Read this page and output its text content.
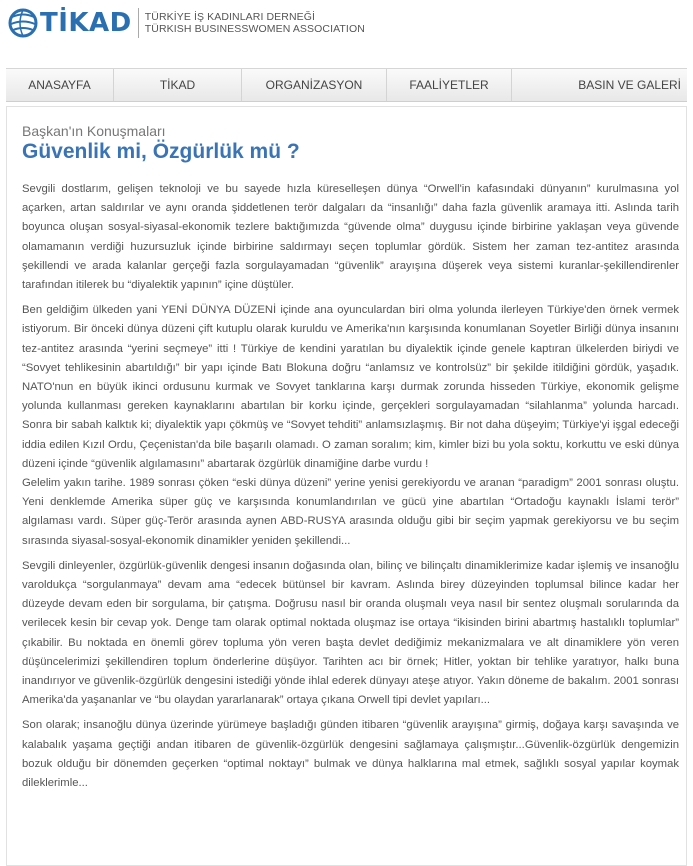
TİKAD TÜRKİYE İŞ KADINLARI DERNEĞİ
TÜRKISH BUSINESSWOMEN ASSOCIATION
ANASAYFA	TİKAD	ORGANİZASYON	FAALİYETLER	BASIN VE GALERİ

Başkan'ın Konuşmaları

Güvenlik mi, Özgürlük mü ?

Sevgili dostlarım, gelişen teknoloji ve bu sayede hızla küreselleşen dünya “Orwell'in kafasındaki dünyanın” kurulmasına yol açarken, artan saldırılar ve aynı oranda şiddetlenen terör dalgaları da “insanlığı” daha fazla güvenlik aramaya itti. Aslında tarih boyunca oluşan sosyal-siyasal-ekonomik tezlere baktığımızda “güvende olma” duygusu içinde birbirine yaklaşan veya güvende olamamanın verdiği huzursuzluk içinde birbirine saldırmayı seçen toplumlar gördük. Sistem her zaman tez-antitez arasında şekillendi ve arada kalanlar gerçeği fazla sorgulayamadan “güvenlik” arayışına düşerek veya sistemi kuranlar-şekillendirenler tarafından itilerek bu “diyalektik yapının” içine düştüler.

Ben geldiğim ülkeden yani YENİ DÜNYA DÜZENİ içinde ana oyunculardan biri olma yolunda ilerleyen Türkiye'den örnek vermek istiyorum. Bir önceki dünya düzeni çift kutuplu olarak kuruldu ve Amerika'nın karşısında konumlanan Soyetler Birliği dünya insanını tez-antitez arasında “yerini seçmeye” itti ! Türkiye de kendini yaratılan bu diyalektik içinde genele kaptıran ülkelerden biriydi ve “Sovyet tehlikesinin abartıldığı” bir yapı içinde Batı Blokuna doğru “anlamsız ve kontrolsüz” bir şekilde itildiğini gördük, yaşadık. NATO'nun en büyük ikinci ordusunu kurmak ve Sovyet tanklarına karşı durmak zorunda hisseden Türkiye, ekonomik gelişme yolunda kullanması gereken kaynaklarını abartılan bir korku içinde, gerçekleri sorgulayamadan “silahlanma” yolunda harcadı. Sonra bir sabah kalktık ki; diyalektik yapı çökmüş ve “Sovyet tehditi” anlamsızlaşmış. Bir not daha düşeyim; Türkiye'yi işgal edeceği iddia edilen Kızıl Ordu, Çeçenistan'da bile başarılı olamadı. O zaman soralım; kim, kimler bizi bu yola soktu, korkuttu ve eski dünya düzeni içinde “güvenlik algılamasını” abartarak özgürlük dinamiğine darbe vurdu !

Gelelim yakın tarihe. 1989 sonrası çöken “eski dünya düzeni” yerine yenisi gerekiyordu ve aranan “paradigm” 2001 sonrası oluştu. Yeni denklemde Amerika süper güç ve karşısında konumlandırılan ve gücü yine abartılan “Ortadoğu kaynaklı İslami terör” algılaması vardı. Süper güç-Terör arasında aynen ABD-RUSYA arasında olduğu gibi bir seçim yapmak gerekiyorsu ve bu seçim sırasında siyasal-sosyal-ekonomik dinamikler yeniden şekillendi...

Sevgili dinleyenler, özgürlük-güvenlik dengesi insanın doğasında olan, bilinç ve bilinçaltı dinamiklerimize kadar işlemiş ve insanoğlu varoldukça “sorgulanmaya” devam ama “edecek bütünsel bir kavram. Aslında birey düzeyinden toplumsal bilince kadar her düzeyde devam eden bir sorgulama, bir çatışma. Doğrusu nasıl bir oranda oluşmalı veya nasıl bir sentez oluşmalı sorularında da verilecek kesin bir cevap yok. Denge tam olarak optimal noktada oluşmaz ise ortaya “ikisinden birini abartmış hastalıklı toplumlar” çıkabilir. Bu noktada en önemli görev topluma yön veren başta devlet dediğimiz mekanizmalara ve alt dinamiklere yön veren düşüncelerimizi şekillendiren toplum önderlerine düşüyor. Tarihten acı bir örnek; Hitler, yoktan bir tehlike yaratıyor, halkı buna inandırıyor ve güvenlik-özgürlük dengesini istediği yönde ihlal ederek dünyayı ateşe atıyor. Yakın döneme de bakalım. 2001 sonrası Amerika'da yaşananlar ve “bu olaydan yararlanarak” ortaya çıkana Orwell tipi devlet yapıları...

Son olarak; insanoğlu dünya üzerinde yürümeye başladığı günden itibaren “güvenlik arayışına” girmiş, doğaya karşı savaşında ve kalabalık yaşama geçtiği andan itibaren de güvenlik-özgürlük dengesini sağlamaya çalışmıştır...Güvenlik-özgürlük dengemizin bozuk olduğu bir dönemden geçerken “optimal noktayı” bulmak ve dünya halklarına mal etmek, sağlıklı sosyal yapılar koymak dileklerimle...
